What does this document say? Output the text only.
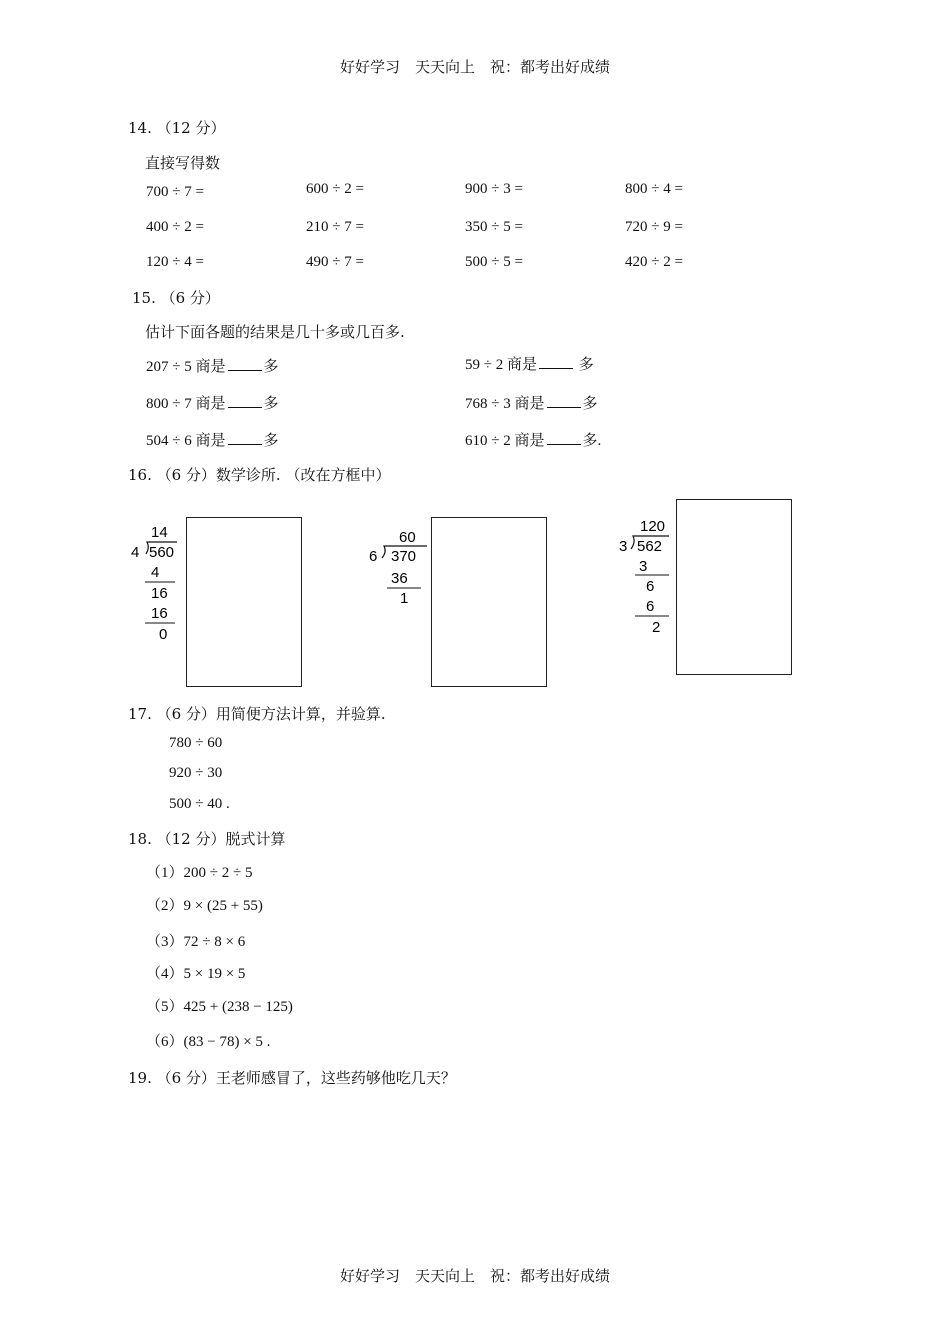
好好学习　天天向上　祝：都考出好成绩
14. （12 分）
直接写得数
700 ÷ 7 =	600 ÷ 2 =	900 ÷ 3 =	800 ÷ 4 =
400 ÷ 2 =	210 ÷ 7 =	350 ÷ 5 =	720 ÷ 9 =
120 ÷ 4 =	490 ÷ 7 =	500 ÷ 5 =	420 ÷ 2 =
15. （6 分）
估计下面各题的结果是几十多或几百多.
207 ÷ 5 商是	多	59 ÷ 2 商是	多
800 ÷ 7 商是	多	768 ÷ 3 商是	多
504 ÷ 6 商是	多	610 ÷ 2 商是	多.
16. （6 分）数学诊所. （改在方框中）
14
4 560
4
16
16
0
60
6 370
36
1
120
3 562
3
6
6
2
17. （6 分）用简便方法计算，并验算.
780 ÷ 60
920 ÷ 30
500 ÷ 40 .
18. （12 分）脱式计算
（1）200 ÷ 2 ÷ 5
（2）9 × (25 + 55)
（3）72 ÷ 8 × 6
（4）5 × 19 × 5
（5）425 + (238 − 125)
（6）(83 − 78) × 5 .
19. （6 分）王老师感冒了，这些药够他吃几天？
好好学习　天天向上　祝：都考出好成绩
